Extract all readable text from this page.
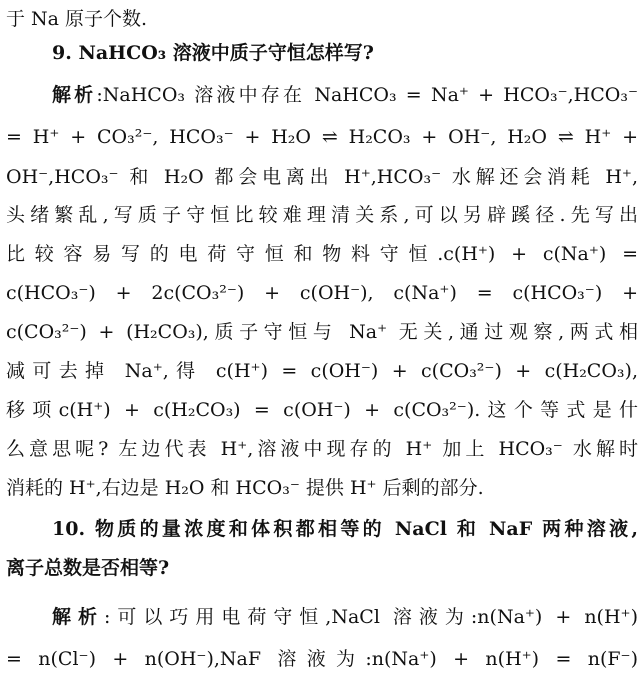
于 Na 原子个数.
9. NaHCO₃ 溶液中质子守恒怎样写?
解析:NaHCO₃ 溶液中存在 NaHCO₃ = Na⁺ + HCO₃⁻,HCO₃⁻
= H⁺ + CO₃²⁻, HCO₃⁻ + H₂O ⇌ H₂CO₃ + OH⁻, H₂O ⇌ H⁺ +
OH⁻,HCO₃⁻ 和 H₂O 都会电离出 H⁺,HCO₃⁻ 水解还会消耗 H⁺,
头绪繁乱,写质子守恒比较难理清关系,可以另辟蹊径.先写出
比较容易写的电荷守恒和物料守恒.c(H⁺) + c(Na⁺) =
c(HCO₃⁻) + 2c(CO₃²⁻) + c(OH⁻), c(Na⁺) = c(HCO₃⁻) +
c(CO₃²⁻) + (H₂CO₃),质子守恒与 Na⁺ 无关,通过观察,两式相
减可去掉 Na⁺,得 c(H⁺) = c(OH⁻) + c(CO₃²⁻) + c(H₂CO₃),
移项c(H⁺) + c(H₂CO₃) = c(OH⁻) + c(CO₃²⁻).这个等式是什
么意思呢? 左边代表 H⁺,溶液中现存的 H⁺ 加上 HCO₃⁻ 水解时
消耗的 H⁺,右边是 H₂O 和 HCO₃⁻ 提供 H⁺ 后剩的部分.
10. 物质的量浓度和体积都相等的 NaCl 和 NaF 两种溶液,
离子总数是否相等?
解析:可以巧用电荷守恒,NaCl 溶液为:n(Na⁺) + n(H⁺)
= n(Cl⁻) + n(OH⁻),NaF 溶液为:n(Na⁺) + n(H⁺) = n(F⁻)
